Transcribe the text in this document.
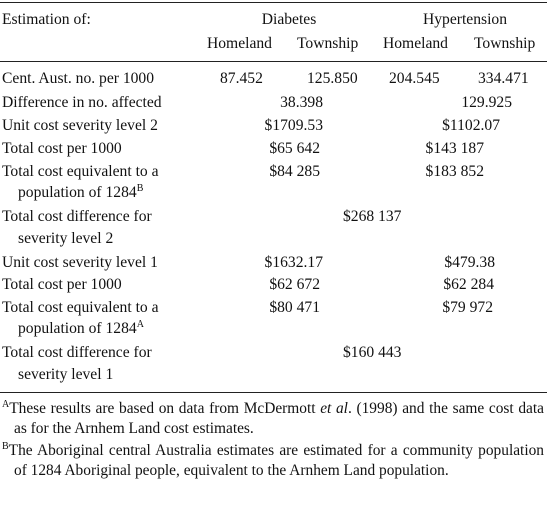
Estimation of:	Diabetes	Hypertension
Homeland Township Homeland Township
Cent. Aust. no. per 1000	87.452	125.850 204.545 334.471
Difference in no. affected	38.398	129.925
Unit cost severity level 2	$1709.53	$1102.07
Total cost per 1000	$65 642	$143 187
Total cost equivalent to a
population of $1284^B$
$84 285	$183 852
Total cost difference for
severity level 2
$268 137
Unit cost severity level 1	$1632.17	$479.38
Total cost per 1000	$62 672	$62 284
Total cost equivalent to a
population of $1284^A$
$80 471	$79 972
Total cost difference for
severity level 1
$160 443
$^A$These results are based on data from McDermott et al. (1998) and the same cost data as for the Arnhem Land cost estimates.
$^B$The Aboriginal central Australia estimates are estimated for a community population of 1284 Aboriginal people, equivalent to the Arnhem Land population.
